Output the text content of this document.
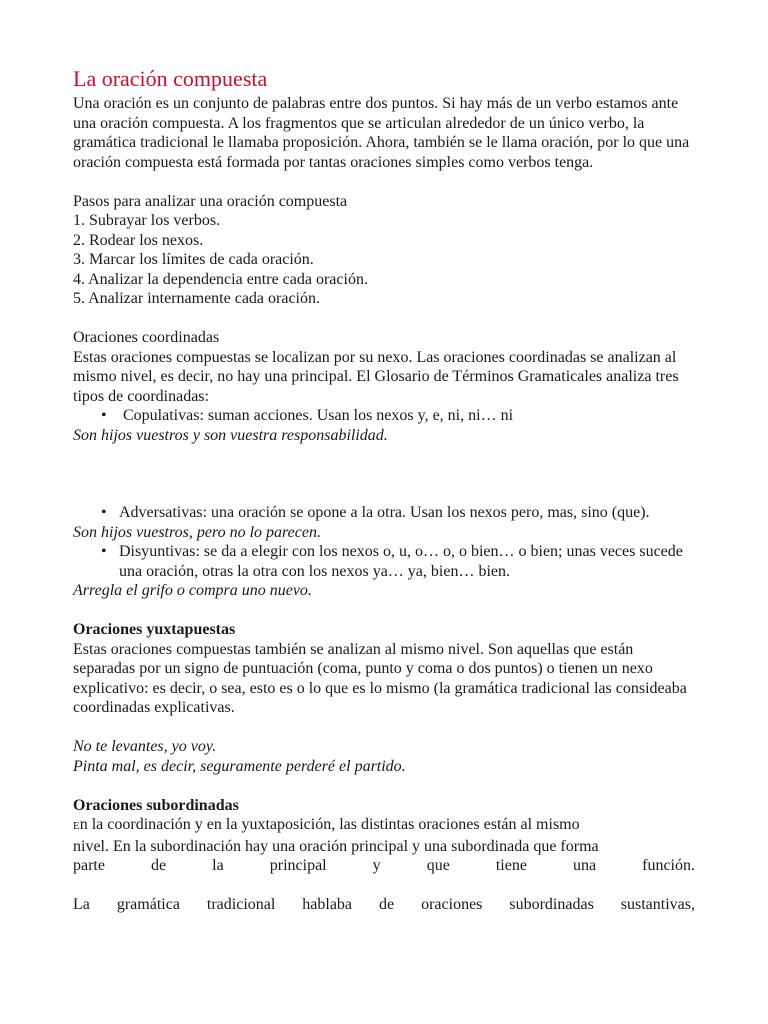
La oración compuesta

Una oración es un conjunto de palabras entre dos puntos. Si hay más de un verbo estamos ante una oración compuesta. A los fragmentos que se articulan alrededor de un único verbo, la gramática tradicional le llamaba proposición. Ahora, también se le llama oración, por lo que una oración compuesta está formada por tantas oraciones simples como verbos tenga.

Pasos para analizar una oración compuesta

1. Subrayar los verbos.

2. Rodear los nexos.

3. Marcar los límites de cada oración.

4. Analizar la dependencia entre cada oración.

5. Analizar internamente cada oración.

Oraciones coordinadas

Estas oraciones compuestas se localizan por su nexo. Las oraciones coordinadas se analizan al mismo nivel, es decir, no hay una principal. El Glosario de Términos Gramaticales analiza tres tipos de coordinadas:

• Copulativas: suman acciones. Usan los nexos y, e, ni, ni… ni

Son hijos vuestros y son vuestra responsabilidad.

• Adversativas: una oración se opone a la otra. Usan los nexos pero, mas, sino (que).

Son hijos vuestros, pero no lo parecen.

• Disyuntivas: se da a elegir con los nexos o, u, o… o, o bien… o bien; unas veces sucede una oración, otras la otra con los nexos ya… ya, bien… bien.

Arregla el grifo o compra uno nuevo.

Oraciones yuxtapuestas

Estas oraciones compuestas también se analizan al mismo nivel. Son aquellas que están separadas por un signo de puntuación (coma, punto y coma o dos puntos) o tienen un nexo explicativo: es decir, o sea, esto es o lo que es lo mismo (la gramática tradicional las consideaba coordinadas explicativas.

No te levantes, yo voy.

Pinta mal, es decir, seguramente perderé el partido.

Oraciones subordinadas

En la coordinación y en la yuxtaposición, las distintas oraciones están al mismo

nivel. En la subordinación hay una oración principal y una subordinada que forma

parte de la principal y que tiene una función.

La gramática tradicional hablaba de oraciones subordinadas sustantivas,
